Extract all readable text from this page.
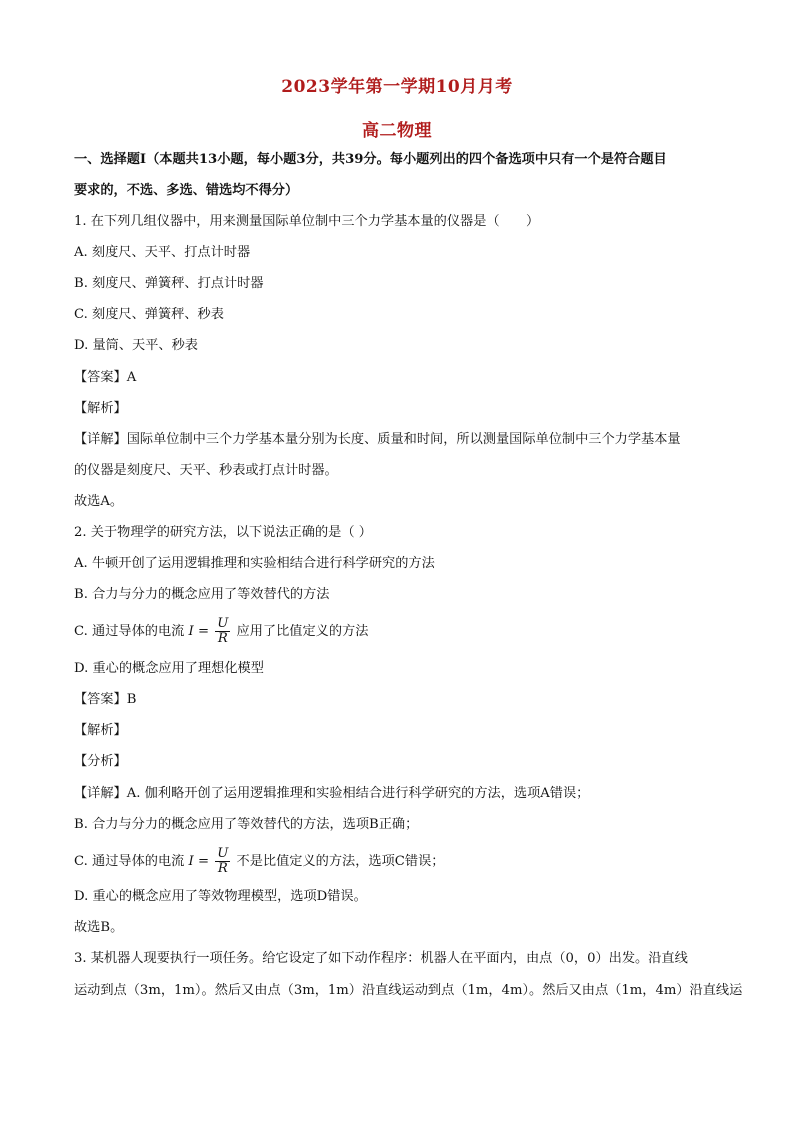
2023学年第一学期10月月考
高二物理
一、选择题Ⅰ（本题共13小题，每小题3分，共39分。每小题列出的四个备选项中只有一个是符合题目
要求的，不选、多选、错选均不得分）
1. 在下列几组仪器中，用来测量国际单位制中三个力学基本量的仪器是（　　）
A. 刻度尺、天平、打点计时器
B. 刻度尺、弹簧秤、打点计时器
C. 刻度尺、弹簧秤、秒表
D. 量筒、天平、秒表
【答案】A
【解析】
【详解】国际单位制中三个力学基本量分别为长度、质量和时间，所以测量国际单位制中三个力学基本量
的仪器是刻度尺、天平、秒表或打点计时器。
故选A。
2. 关于物理学的研究方法，以下说法正确的是（ ）
A. 牛顿开创了运用逻辑推理和实验相结合进行科学研究的方法
B. 合力与分力的概念应用了等效替代的方法
C. 通过导体的电流 $I = \frac{U}{R}$ 应用了比值定义的方法
D. 重心的概念应用了理想化模型
【答案】B
【解析】
【分析】
【详解】A. 伽利略开创了运用逻辑推理和实验相结合进行科学研究的方法，选项A错误；
B. 合力与分力的概念应用了等效替代的方法，选项B正确；
C. 通过导体的电流 $I = \frac{U}{R}$ 不是比值定义的方法，选项C错误；
D. 重心的概念应用了等效物理模型，选项D错误。
故选B。
3. 某机器人现要执行一项任务。给它设定了如下动作程序：机器人在平面内，由点（0，0）出发。沿直线
运动到点（3m，1m）。然后又由点（3m，1m）沿直线运动到点（1m，4m）。然后又由点（1m，4m）沿直线运
